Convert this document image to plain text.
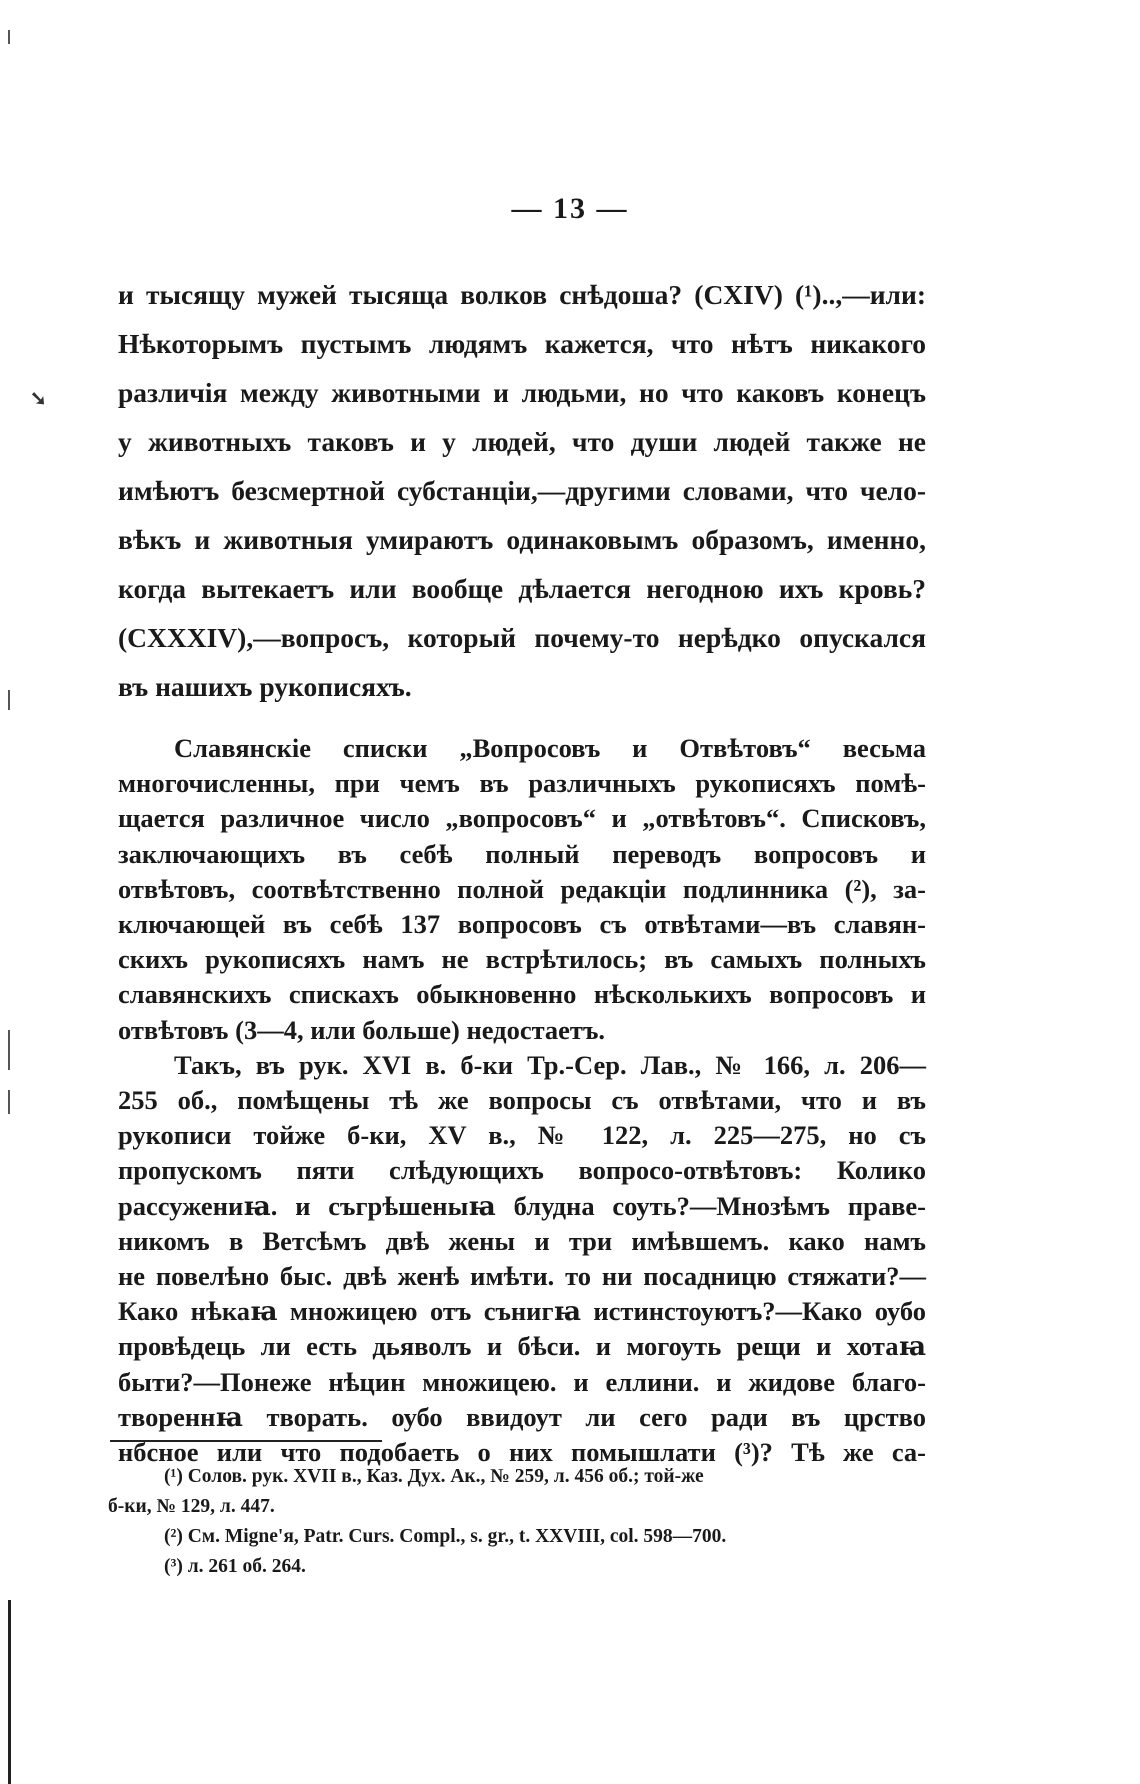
— 13 —
и тысящу мужей тысяща волков снѣдоша? (CXIV) (¹)..,—или:
Нѣкоторымъ пустымъ людямъ кажется, что нѣтъ никакого
различія между животными и людьми, но что каковъ конецъ
у животныхъ таковъ и у людей, что души людей также не
имѣютъ безсмертной субстанціи,—другими словами, что чело-
вѣкъ и животныя умираютъ одинаковымъ образомъ, именно,
когда вытекаетъ или вообще дѣлается негодною ихъ кровь?
(CXXXIV),—вопросъ, который почему-то нерѣдко опускался
въ нашихъ рукописяхъ.
Славянскіе списки „Вопросовъ и Отвѣтовъ“ весьма
многочисленны, при чемъ въ различныхъ рукописяхъ помѣ-
щается различное число „вопросовъ“ и „отвѣтовъ“. Списковъ,
заключающихъ въ себѣ полный переводъ вопросовъ и
отвѣтовъ, соотвѣтственно полной редакціи подлинника (²), за-
ключающей въ себѣ 137 вопросовъ съ отвѣтами—въ славян-
скихъ рукописяхъ намъ не встрѣтилось; въ самыхъ полныхъ
славянскихъ спискахъ обыкновенно нѣсколькихъ вопросовъ и
отвѣтовъ (3—4, или больше) недостаетъ.
Такъ, въ рук. XVI в. б-ки Тр.-Сер. Лав., № 166, л. 206—
255 об., помѣщены тѣ же вопросы съ отвѣтами, что и въ
рукописи тойже б-ки, XV в., № 122, л. 225—275, но съ
пропускомъ пяти слѣдующихъ вопросо-отвѣтовъ: Колико
рассужениꙗ. и съгрѣшеныꙗ блудна соуть?—Мнозѣмъ праве-
никомъ в Ветсѣмъ двѣ жены и три имѣвшемъ. како намъ
не повелѣно быс. двѣ женѣ имѣти. то ни посадницю стяжати?—
Како нѣкаꙗ множицею отъ сънигꙗ истинстоуютъ?—Како оубо
провѣдець ли есть дьяволъ и бѣси. и могоуть рещи и хотаꙗ
быти?—Понеже нѣцин множицею. и еллини. и жидове благо-
твореннꙗ творать. оубо ввидоут ли сего ради въ црство
нбсное или что подобаеть о них помышлати (³)? Тѣ же са-
(¹) Солов. рук. XVII в., Каз. Дух. Ак., № 259, л. 456 об.; той-же
б-ки, № 129, л. 447.
(²) См. Migne'я, Patr. Curs. Compl., s. gr., t. XXVIII, col. 598—700.
(³) л. 261 об. 264.
➘
